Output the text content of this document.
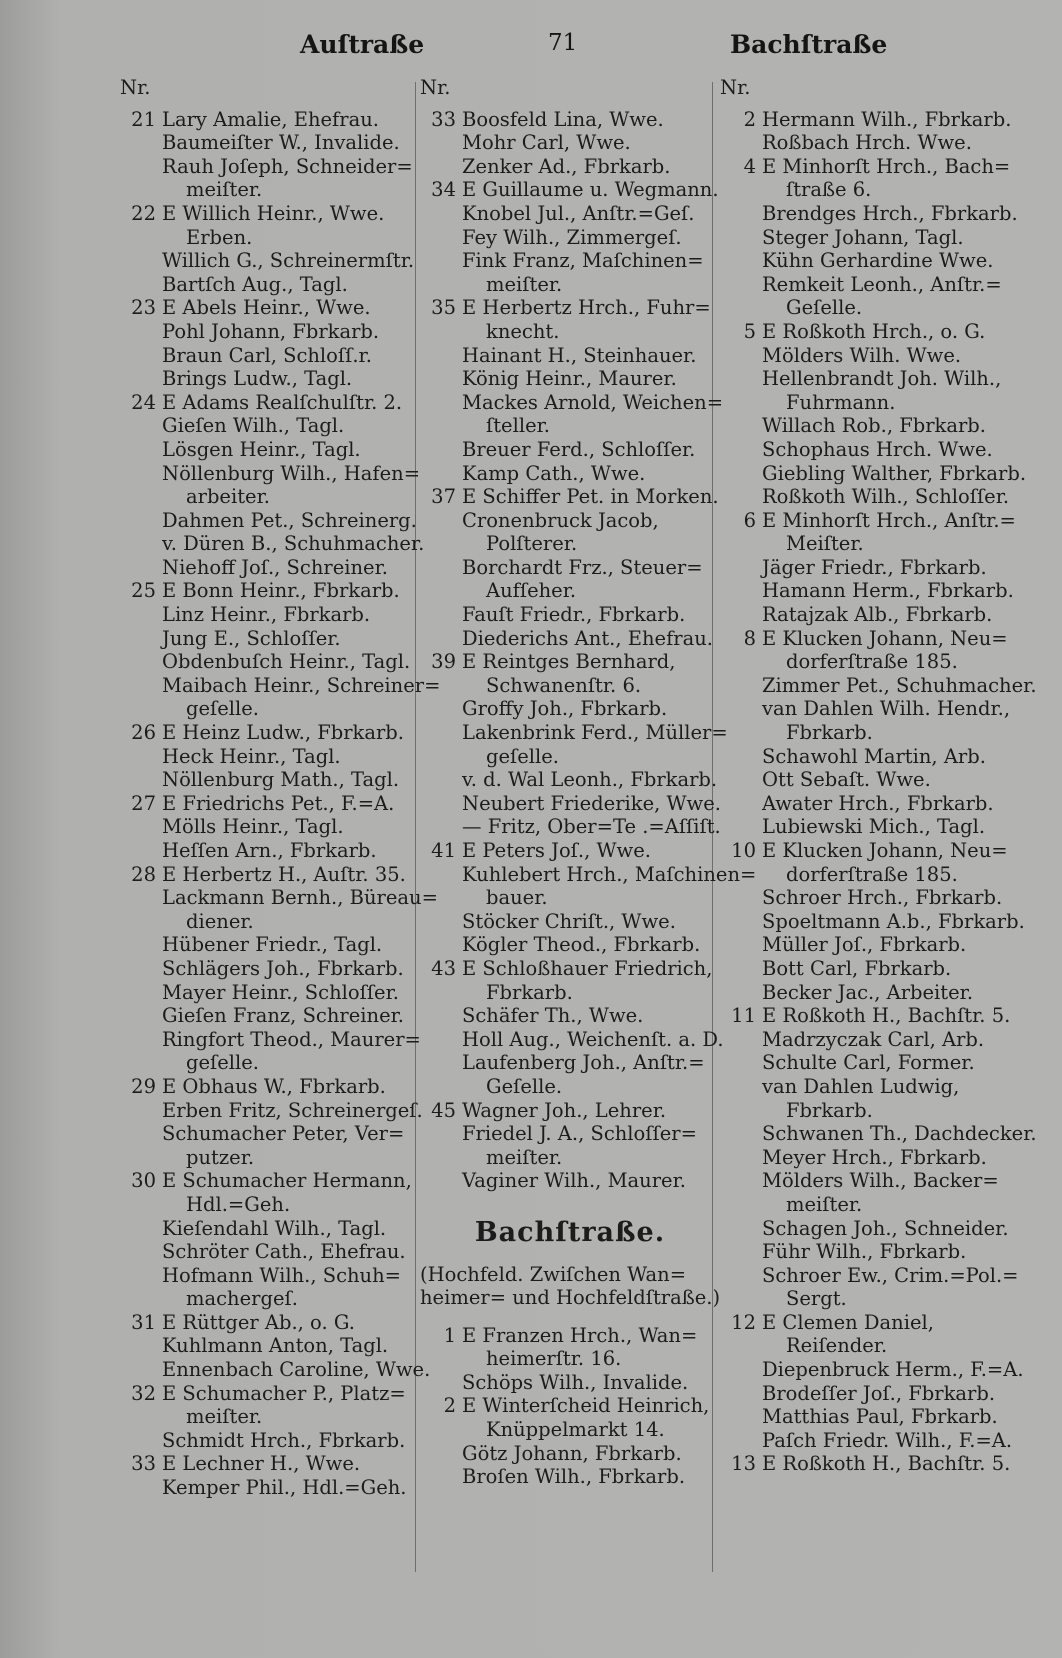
Auſtraße	71	Bachſtraße
Nr.
21 Lary Amalie, Ehefrau.
Baumeiſter W., Invalide.
Rauh Joſeph, Schneider=
meiſter.
22 E Willich Heinr., Wwe.
Erben.
Willich G., Schreinermſtr.
Bartſch Aug., Tagl.
23 E Abels Heinr., Wwe.
Pohl Johann, Fbrkarb.
Braun Carl, Schloſſ.r.
Brings Ludw., Tagl.
24 E Adams Realſchulſtr. 2.
Gieſen Wilh., Tagl.
Lösgen Heinr., Tagl.
Nöllenburg Wilh., Hafen=
arbeiter.
Dahmen Pet., Schreinerg.
v. Düren B., Schuhmacher.
Niehoff Joſ., Schreiner.
25 E Bonn Heinr., Fbrkarb.
Linz Heinr., Fbrkarb.
Jung E., Schloſſer.
Obdenbuſch Heinr., Tagl.
Maibach Heinr., Schreiner=
geſelle.
26 E Heinz Ludw., Fbrkarb.
Heck Heinr., Tagl.
Nöllenburg Math., Tagl.
27 E Friedrichs Pet., F.=A.
Mölls Heinr., Tagl.
Heſſen Arn., Fbrkarb.
28 E Herbertz H., Auſtr. 35.
Lackmann Bernh., Büreau=
diener.
Hübener Friedr., Tagl.
Schlägers Joh., Fbrkarb.
Mayer Heinr., Schloſſer.
Gieſen Franz, Schreiner.
Ringfort Theod., Maurer=
geſelle.
29 E Obhaus W., Fbrkarb.
Erben Fritz, Schreinergeſ.
Schumacher Peter, Ver=
putzer.
30 E Schumacher Hermann,
Hdl.=Geh.
Kieſendahl Wilh., Tagl.
Schröter Cath., Ehefrau.
Hofmann Wilh., Schuh=
machergeſ.
31 E Rüttger Ab., o. G.
Kuhlmann Anton, Tagl.
Ennenbach Caroline, Wwe.
32 E Schumacher P., Platz=
meiſter.
Schmidt Hrch., Fbrkarb.
33 E Lechner H., Wwe.
Kemper Phil., Hdl.=Geh.
Nr.
33 Boosfeld Lina, Wwe.
Mohr Carl, Wwe.
Zenker Ad., Fbrkarb.
34 E Guillaume u. Wegmann.
Knobel Jul., Anſtr.=Geſ.
Fey Wilh., Zimmergeſ.
Fink Franz, Maſchinen=
meiſter.
35 E Herbertz Hrch., Fuhr=
knecht.
Hainant H., Steinhauer.
König Heinr., Maurer.
Mackes Arnold, Weichen=
ſteller.
Breuer Ferd., Schloſſer.
Kamp Cath., Wwe.
37 E Schiffer Pet. in Morken.
Cronenbruck Jacob,
Polſterer.
Borchardt Frz., Steuer=
Aufſeher.
Fauſt Friedr., Fbrkarb.
Diederichs Ant., Ehefrau.
39 E Reintges Bernhard,
Schwanenſtr. 6.
Groffy Joh., Fbrkarb.
Lakenbrink Ferd., Müller=
geſelle.
v. d. Wal Leonh., Fbrkarb.
Neubert Friederike, Wwe.
— Fritz, Ober=Te .=Aſſiſt.
41 E Peters Joſ., Wwe.
Kuhlebert Hrch., Maſchinen=
bauer.
Stöcker Chriſt., Wwe.
Kögler Theod., Fbrkarb.
43 E Schloßhauer Friedrich,
Fbrkarb.
Schäfer Th., Wwe.
Holl Aug., Weichenſt. a. D.
Laufenberg Joh., Anſtr.=
Geſelle.
45 Wagner Joh., Lehrer.
Friedel J. A., Schloſſer=
meiſter.
Vaginer Wilh., Maurer.
Bachſtraße.
(Hochfeld. Zwiſchen Wan=
heimer= und Hochfeldſtraße.)
1 E Franzen Hrch., Wan=
heimerſtr. 16.
Schöps Wilh., Invalide.
2 E Winterſcheid Heinrich,
Knüppelmarkt 14.
Götz Johann, Fbrkarb.
Broſen Wilh., Fbrkarb.
Nr.
2 Hermann Wilh., Fbrkarb.
Roßbach Hrch. Wwe.
4 E Minhorſt Hrch., Bach=
ſtraße 6.
Brendges Hrch., Fbrkarb.
Steger Johann, Tagl.
Kühn Gerhardine Wwe.
Remkeit Leonh., Anſtr.=
Geſelle.
5 E Roßkoth Hrch., o. G.
Mölders Wilh. Wwe.
Hellenbrandt Joh. Wilh.,
Fuhrmann.
Willach Rob., Fbrkarb.
Schophaus Hrch. Wwe.
Giebling Walther, Fbrkarb.
Roßkoth Wilh., Schloſſer.
6 E Minhorſt Hrch., Anſtr.=
Meiſter.
Jäger Friedr., Fbrkarb.
Hamann Herm., Fbrkarb.
Ratajzak Alb., Fbrkarb.
8 E Klucken Johann, Neu=
dorferſtraße 185.
Zimmer Pet., Schuhmacher.
van Dahlen Wilh. Hendr.,
Fbrkarb.
Schawohl Martin, Arb.
Ott Sebaſt. Wwe.
Awater Hrch., Fbrkarb.
Lubiewski Mich., Tagl.
10 E Klucken Johann, Neu=
dorferſtraße 185.
Schroer Hrch., Fbrkarb.
Spoeltmann A.b., Fbrkarb.
Müller Joſ., Fbrkarb.
Bott Carl, Fbrkarb.
Becker Jac., Arbeiter.
11 E Roßkoth H., Bachſtr. 5.
Madrzyczak Carl, Arb.
Schulte Carl, Former.
van Dahlen Ludwig,
Fbrkarb.
Schwanen Th., Dachdecker.
Meyer Hrch., Fbrkarb.
Mölders Wilh., Backer=
meiſter.
Schagen Joh., Schneider.
Führ Wilh., Fbrkarb.
Schroer Ew., Crim.=Pol.=
Sergt.
12 E Clemen Daniel,
Reiſender.
Diepenbruck Herm., F.=A.
Brodeſſer Joſ., Fbrkarb.
Matthias Paul, Fbrkarb.
Paſch Friedr. Wilh., F.=A.
13 E Roßkoth H., Bachſtr. 5.
